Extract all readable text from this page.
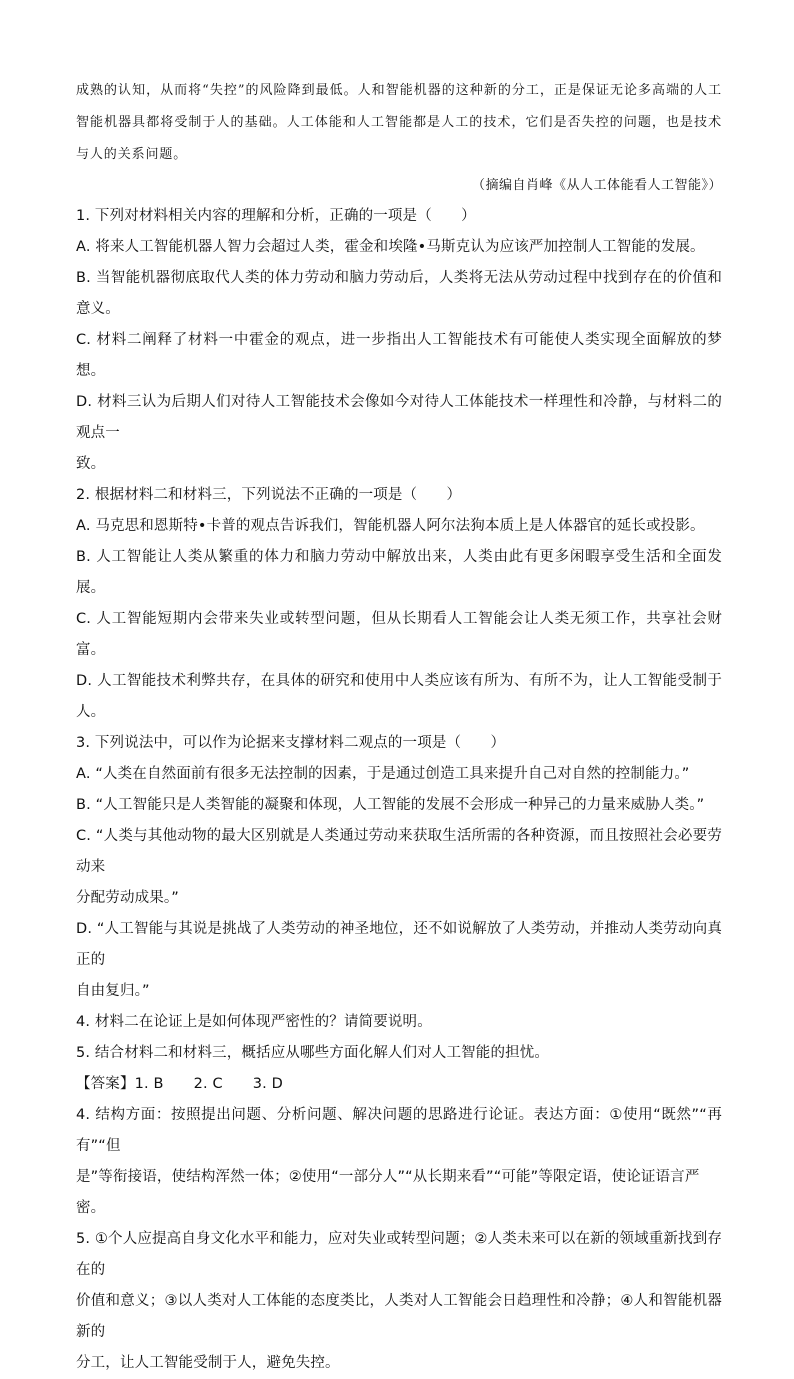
成熟的认知，从而将“失控”的风险降到最低。人和智能机器的这种新的分工，正是保证无论多高端的人工智能机器具都将受制于人的基础。人工体能和人工智能都是人工的技术，它们是否失控的问题，也是技术与人的关系问题。

（摘编自肖峰《从人工体能看人工智能》）

1. 下列对材料相关内容的理解和分析，正确的一项是（　　）

A. 将来人工智能机器人智力会超过人类，霍金和埃隆•马斯克认为应该严加控制人工智能的发展。

B. 当智能机器彻底取代人类的体力劳动和脑力劳动后，人类将无法从劳动过程中找到存在的价值和意义。

C. 材料二阐释了材料一中霍金的观点，进一步指出人工智能技术有可能使人类实现全面解放的梦想。

D. 材料三认为后期人们对待人工智能技术会像如今对待人工体能技术一样理性和冷静，与材料二的观点一

致。

2. 根据材料二和材料三，下列说法不正确的一项是（　　）

A. 马克思和恩斯特•卡普的观点告诉我们，智能机器人阿尔法狗本质上是人体器官的延长或投影。

B. 人工智能让人类从繁重的体力和脑力劳动中解放出来，人类由此有更多闲暇享受生活和全面发展。

C. 人工智能短期内会带来失业或转型问题，但从长期看人工智能会让人类无须工作，共享社会财富。

D. 人工智能技术利弊共存，在具体的研究和使用中人类应该有所为、有所不为，让人工智能受制于人。

3. 下列说法中，可以作为论据来支撑材料二观点的一项是（　　）

A. “人类在自然面前有很多无法控制的因素，于是通过创造工具来提升自己对自然的控制能力。”

B. “人工智能只是人类智能的凝聚和体现，人工智能的发展不会形成一种异己的力量来威胁人类。”

C. “人类与其他动物的最大区别就是人类通过劳动来获取生活所需的各种资源，而且按照社会必要劳动来

分配劳动成果。”

D. “人工智能与其说是挑战了人类劳动的神圣地位，还不如说解放了人类劳动，并推动人类劳动向真正的

自由复归。”

4. 材料二在论证上是如何体现严密性的？请简要说明。

5. 结合材料二和材料三，概括应从哪些方面化解人们对人工智能的担忧。

【答案】1. B 2. C 3. D

4. 结构方面：按照提出问题、分析问题、解决问题的思路进行论证。表达方面：①使用“既然”“再有”“但

是”等衔接语，使结构浑然一体；②使用“一部分人”“从长期来看”“可能”等限定语，使论证语言严

密。

5. ①个人应提高自身文化水平和能力，应对失业或转型问题；②人类未来可以在新的领域重新找到存在的

价值和意义；③以人类对人工体能的态度类比，人类对人工智能会日趋理性和冷静；④人和智能机器新的

分工，让人工智能受制于人，避免失控。
